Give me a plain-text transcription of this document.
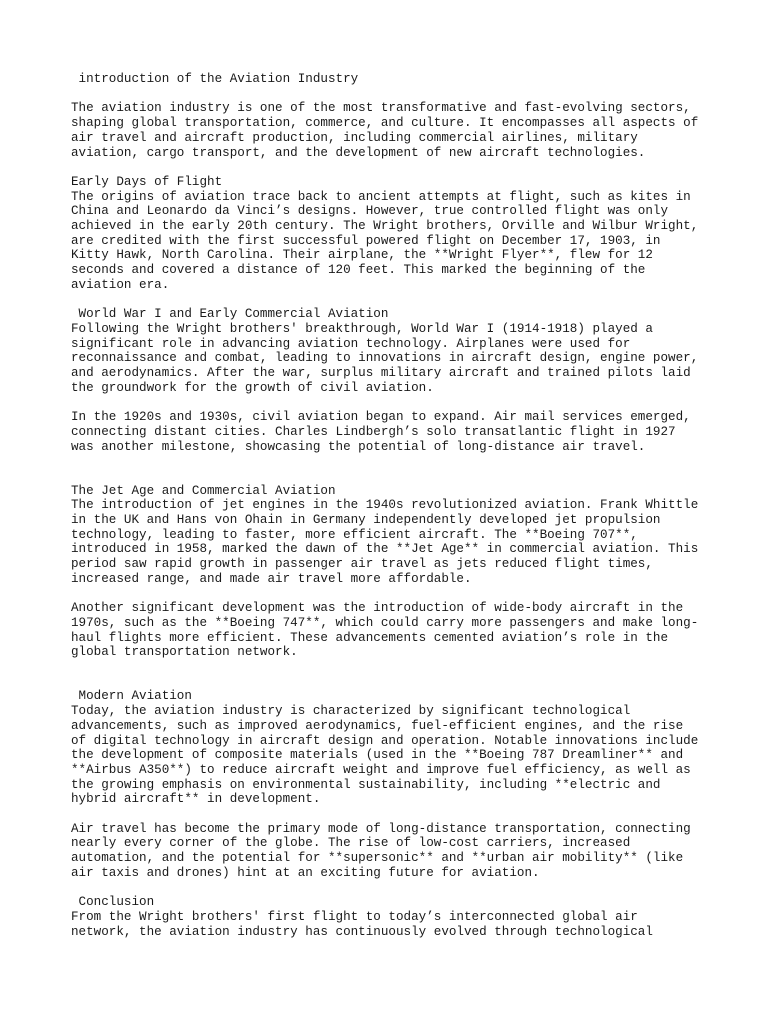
introduction of the Aviation Industry
The aviation industry is one of the most transformative and fast-evolving sectors,
shaping global transportation, commerce, and culture. It encompasses all aspects of
air travel and aircraft production, including commercial airlines, military
aviation, cargo transport, and the development of new aircraft technologies.
Early Days of Flight
The origins of aviation trace back to ancient attempts at flight, such as kites in
China and Leonardo da Vinci’s designs. However, true controlled flight was only
achieved in the early 20th century. The Wright brothers, Orville and Wilbur Wright,
are credited with the first successful powered flight on December 17, 1903, in
Kitty Hawk, North Carolina. Their airplane, the **Wright Flyer**, flew for 12
seconds and covered a distance of 120 feet. This marked the beginning of the
aviation era.
World War I and Early Commercial Aviation
Following the Wright brothers' breakthrough, World War I (1914-1918) played a
significant role in advancing aviation technology. Airplanes were used for
reconnaissance and combat, leading to innovations in aircraft design, engine power,
and aerodynamics. After the war, surplus military aircraft and trained pilots laid
the groundwork for the growth of civil aviation.
In the 1920s and 1930s, civil aviation began to expand. Air mail services emerged,
connecting distant cities. Charles Lindbergh’s solo transatlantic flight in 1927
was another milestone, showcasing the potential of long-distance air travel.
The Jet Age and Commercial Aviation
The introduction of jet engines in the 1940s revolutionized aviation. Frank Whittle
in the UK and Hans von Ohain in Germany independently developed jet propulsion
technology, leading to faster, more efficient aircraft. The **Boeing 707**,
introduced in 1958, marked the dawn of the **Jet Age** in commercial aviation. This
period saw rapid growth in passenger air travel as jets reduced flight times,
increased range, and made air travel more affordable.
Another significant development was the introduction of wide-body aircraft in the
1970s, such as the **Boeing 747**, which could carry more passengers and make long-
haul flights more efficient. These advancements cemented aviation’s role in the
global transportation network.
Modern Aviation
Today, the aviation industry is characterized by significant technological
advancements, such as improved aerodynamics, fuel-efficient engines, and the rise
of digital technology in aircraft design and operation. Notable innovations include
the development of composite materials (used in the **Boeing 787 Dreamliner** and
**Airbus A350**) to reduce aircraft weight and improve fuel efficiency, as well as
the growing emphasis on environmental sustainability, including **electric and
hybrid aircraft** in development.
Air travel has become the primary mode of long-distance transportation, connecting
nearly every corner of the globe. The rise of low-cost carriers, increased
automation, and the potential for **supersonic** and **urban air mobility** (like
air taxis and drones) hint at an exciting future for aviation.
Conclusion
From the Wright brothers' first flight to today’s interconnected global air
network, the aviation industry has continuously evolved through technological
